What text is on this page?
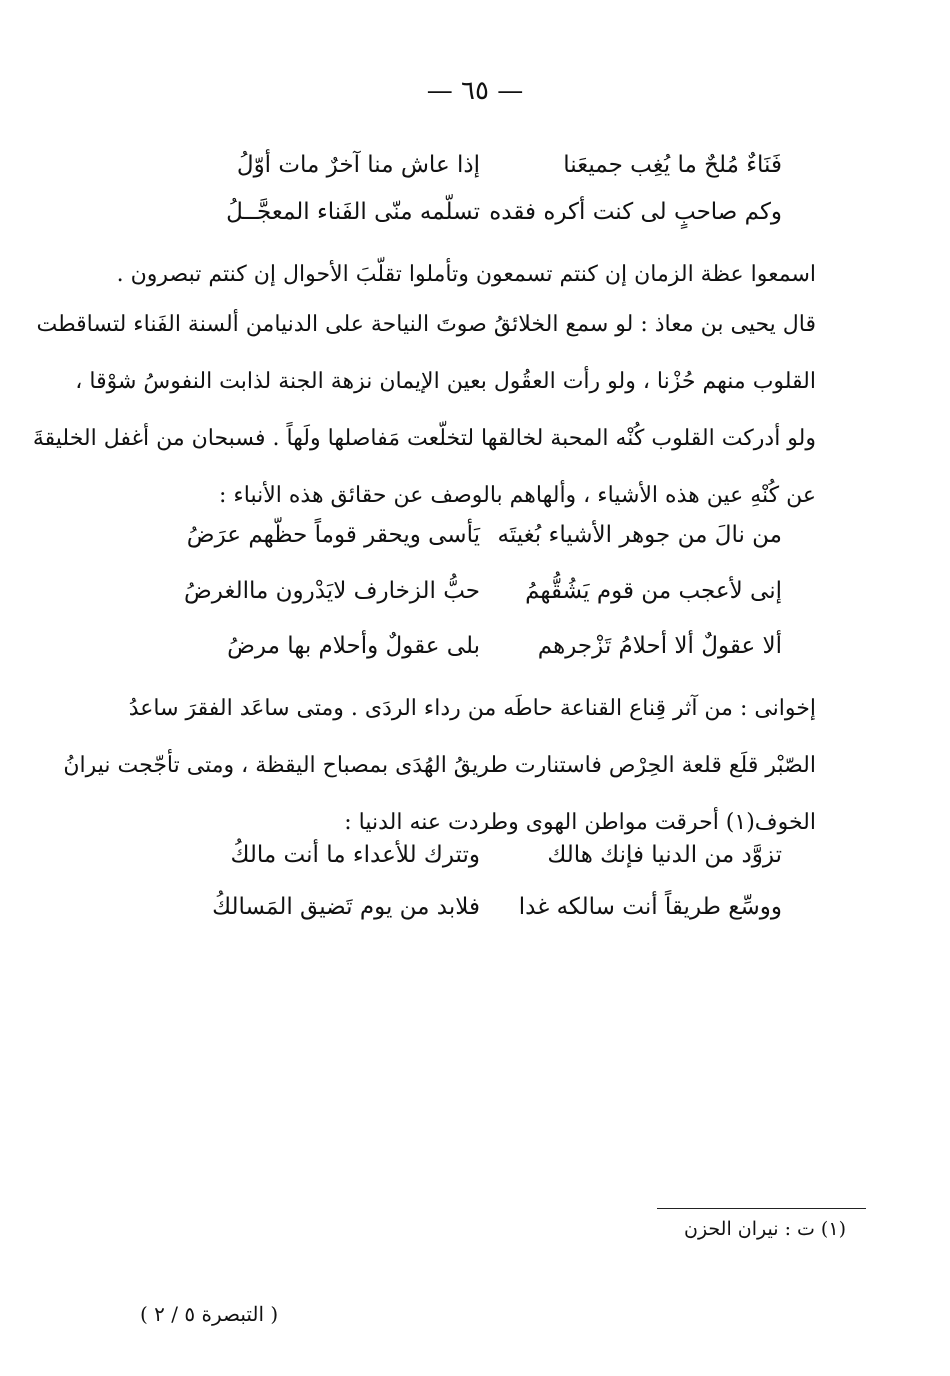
— ٦٥ —
فَنَاءٌ مُلحٌ ما يُغِب جميعَنا
إذا عاش منا آخرٌ مات أوّلُ
وكم صاحبٍ لى كنت أكره فقده
تسلّمه منّى الفَناء المعجَّــلُ
اسمعوا عظة الزمان إن كنتم تسمعون وتأملوا تقلّبَ الأحوال إن كنتم تبصرون .
قال يحيى بن معاذ : لو سمع الخلائقُ صوتَ النياحة على الدنيامن ألسنة الفَناء لتساقطت
القلوب منهم حُزْنا ، ولو رأت العقُول بعين الإيمان نزهة الجنة لذابت النفوسُ شوْقا ،
ولو أدركت القلوب كُنْه المحبة لخالقها لتخلّعت مَفاصلها ولَهاً . فسبحان من أغفل الخليقةَ
عن كُنْهِ عين هذه الأشياء ، وألهاهم بالوصف عن حقائق هذه الأنباء :
من نالَ من جوهر الأشياء بُغيتَه
يَأسى ويحقر قوماً حظّهم عرَضُ
إنى لأعجب من قوم يَشُقُّهمُ
حبُّ الزخارف لايَدْرون ماالغرضُ
ألا عقولٌ ألا أحلامُ تَزْجرهم
بلى عقولٌ وأحلام بها مرضُ
إخوانى : من آثر قِناع القناعة حاطَه من رداء الردَى . ومتى ساعَد الفقرَ ساعدُ
الصّبْر قلَع قلعة الحِرْص فاستنارت طريقُ الهُدَى بمصباح اليقظة ، ومتى تأجّجت نيرانُ
الخوف(١) أحرقت مواطن الهوى وطردت عنه الدنيا :
تزوَّد من الدنيا فإنك هالك
وتترك للأعداء ما أنت مالكُ
ووسِّع طريقاً أنت سالكه غدا
فلابد من يوم تَضيق المَسالكُ
(١) ت : نيران الحزن
( التبصرة ٥ / ٢ )
